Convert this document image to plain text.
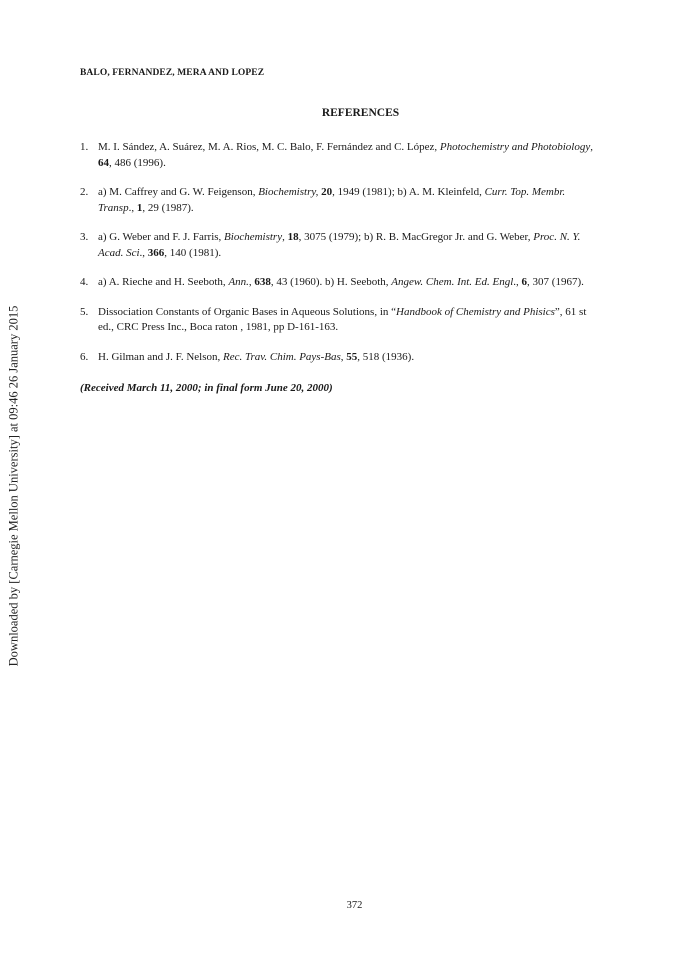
BALO, FERNANDEZ, MERA AND LOPEZ
REFERENCES
1. M. I. Sández, A. Suárez, M. A. Rios, M. C. Balo, F. Fernández and C. López, Photochemistry and Photobiology, 64, 486 (1996).
2. a) M. Caffrey and G. W. Feigenson, Biochemistry, 20, 1949 (1981); b) A. M. Kleinfeld, Curr. Top. Membr. Transp., 1, 29 (1987).
3. a) G. Weber and F. J. Farris, Biochemistry, 18, 3075 (1979); b) R. B. MacGregor Jr. and G. Weber, Proc. N. Y. Acad. Sci., 366, 140 (1981).
4. a) A. Rieche and H. Seeboth, Ann., 638, 43 (1960). b) H. Seeboth, Angew. Chem. Int. Ed. Engl., 6, 307 (1967).
5. Dissociation Constants of Organic Bases in Aqueous Solutions, in “Handbook of Chemistry and Phisics”, 61 st ed., CRC Press Inc., Boca raton , 1981, pp D-161-163.
6. H. Gilman and J. F. Nelson, Rec. Trav. Chim. Pays-Bas, 55, 518 (1936).
(Received March 11, 2000; in final form June 20, 2000)
372
Downloaded by [Carnegie Mellon University] at 09:46 26 January 2015
